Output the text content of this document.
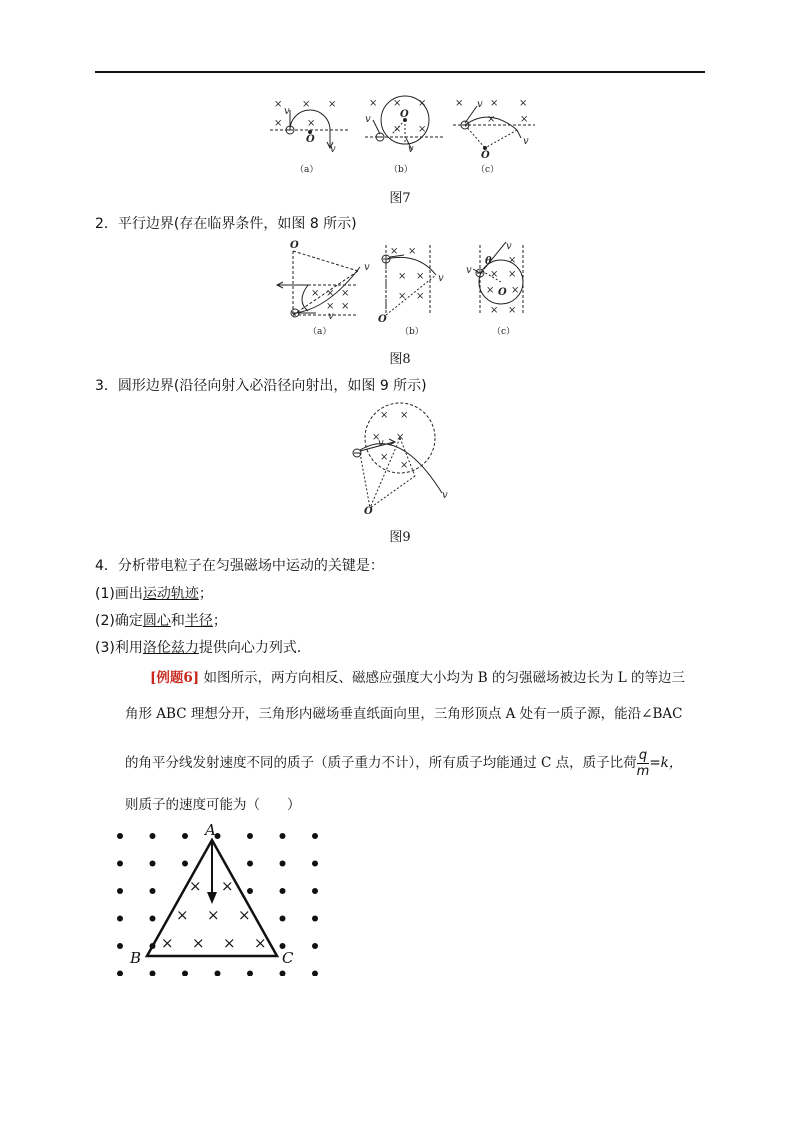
× × ×
× ×
v
v
O
（a）
× × ×
× ×
v
v
O
（b）
×	× ×
× ×
v
v
O
（c）
图7
2．平行边界(存在临界条件，如图 8 所示)
O
v
v
× × ×
× ×
（a）
× ×
× ×
× ×
v
O
（b）
v
v
θ
O
× ×
×
× ×
× ×
（c）
图8
3．圆形边界(沿径向射入必沿径向射出，如图 9 所示)
× ×
× ×
×
×
v
v
O
图9
4．分析带电粒子在匀强磁场中运动的关键是：
(1)画出运动轨迹；
(2)确定圆心和半径；
(3)利用洛伦兹力提供向心力列式．
[例题6] 如图所示，两方向相反、磁感应强度大小均为 B 的匀强磁场被边长为 L 的等边三
角形 ABC 理想分开，三角形内磁场垂直纸面向里，三角形顶点 A 处有一质子源，能沿∠BAC
的角平分线发射速度不同的质子（质子重力不计），所有质子均能通过 C 点，质子比荷 $\frac{q}{m} =k$，
则质子的速度可能为（　　）
A
B	C
× ×
× × ×
× × × ×
